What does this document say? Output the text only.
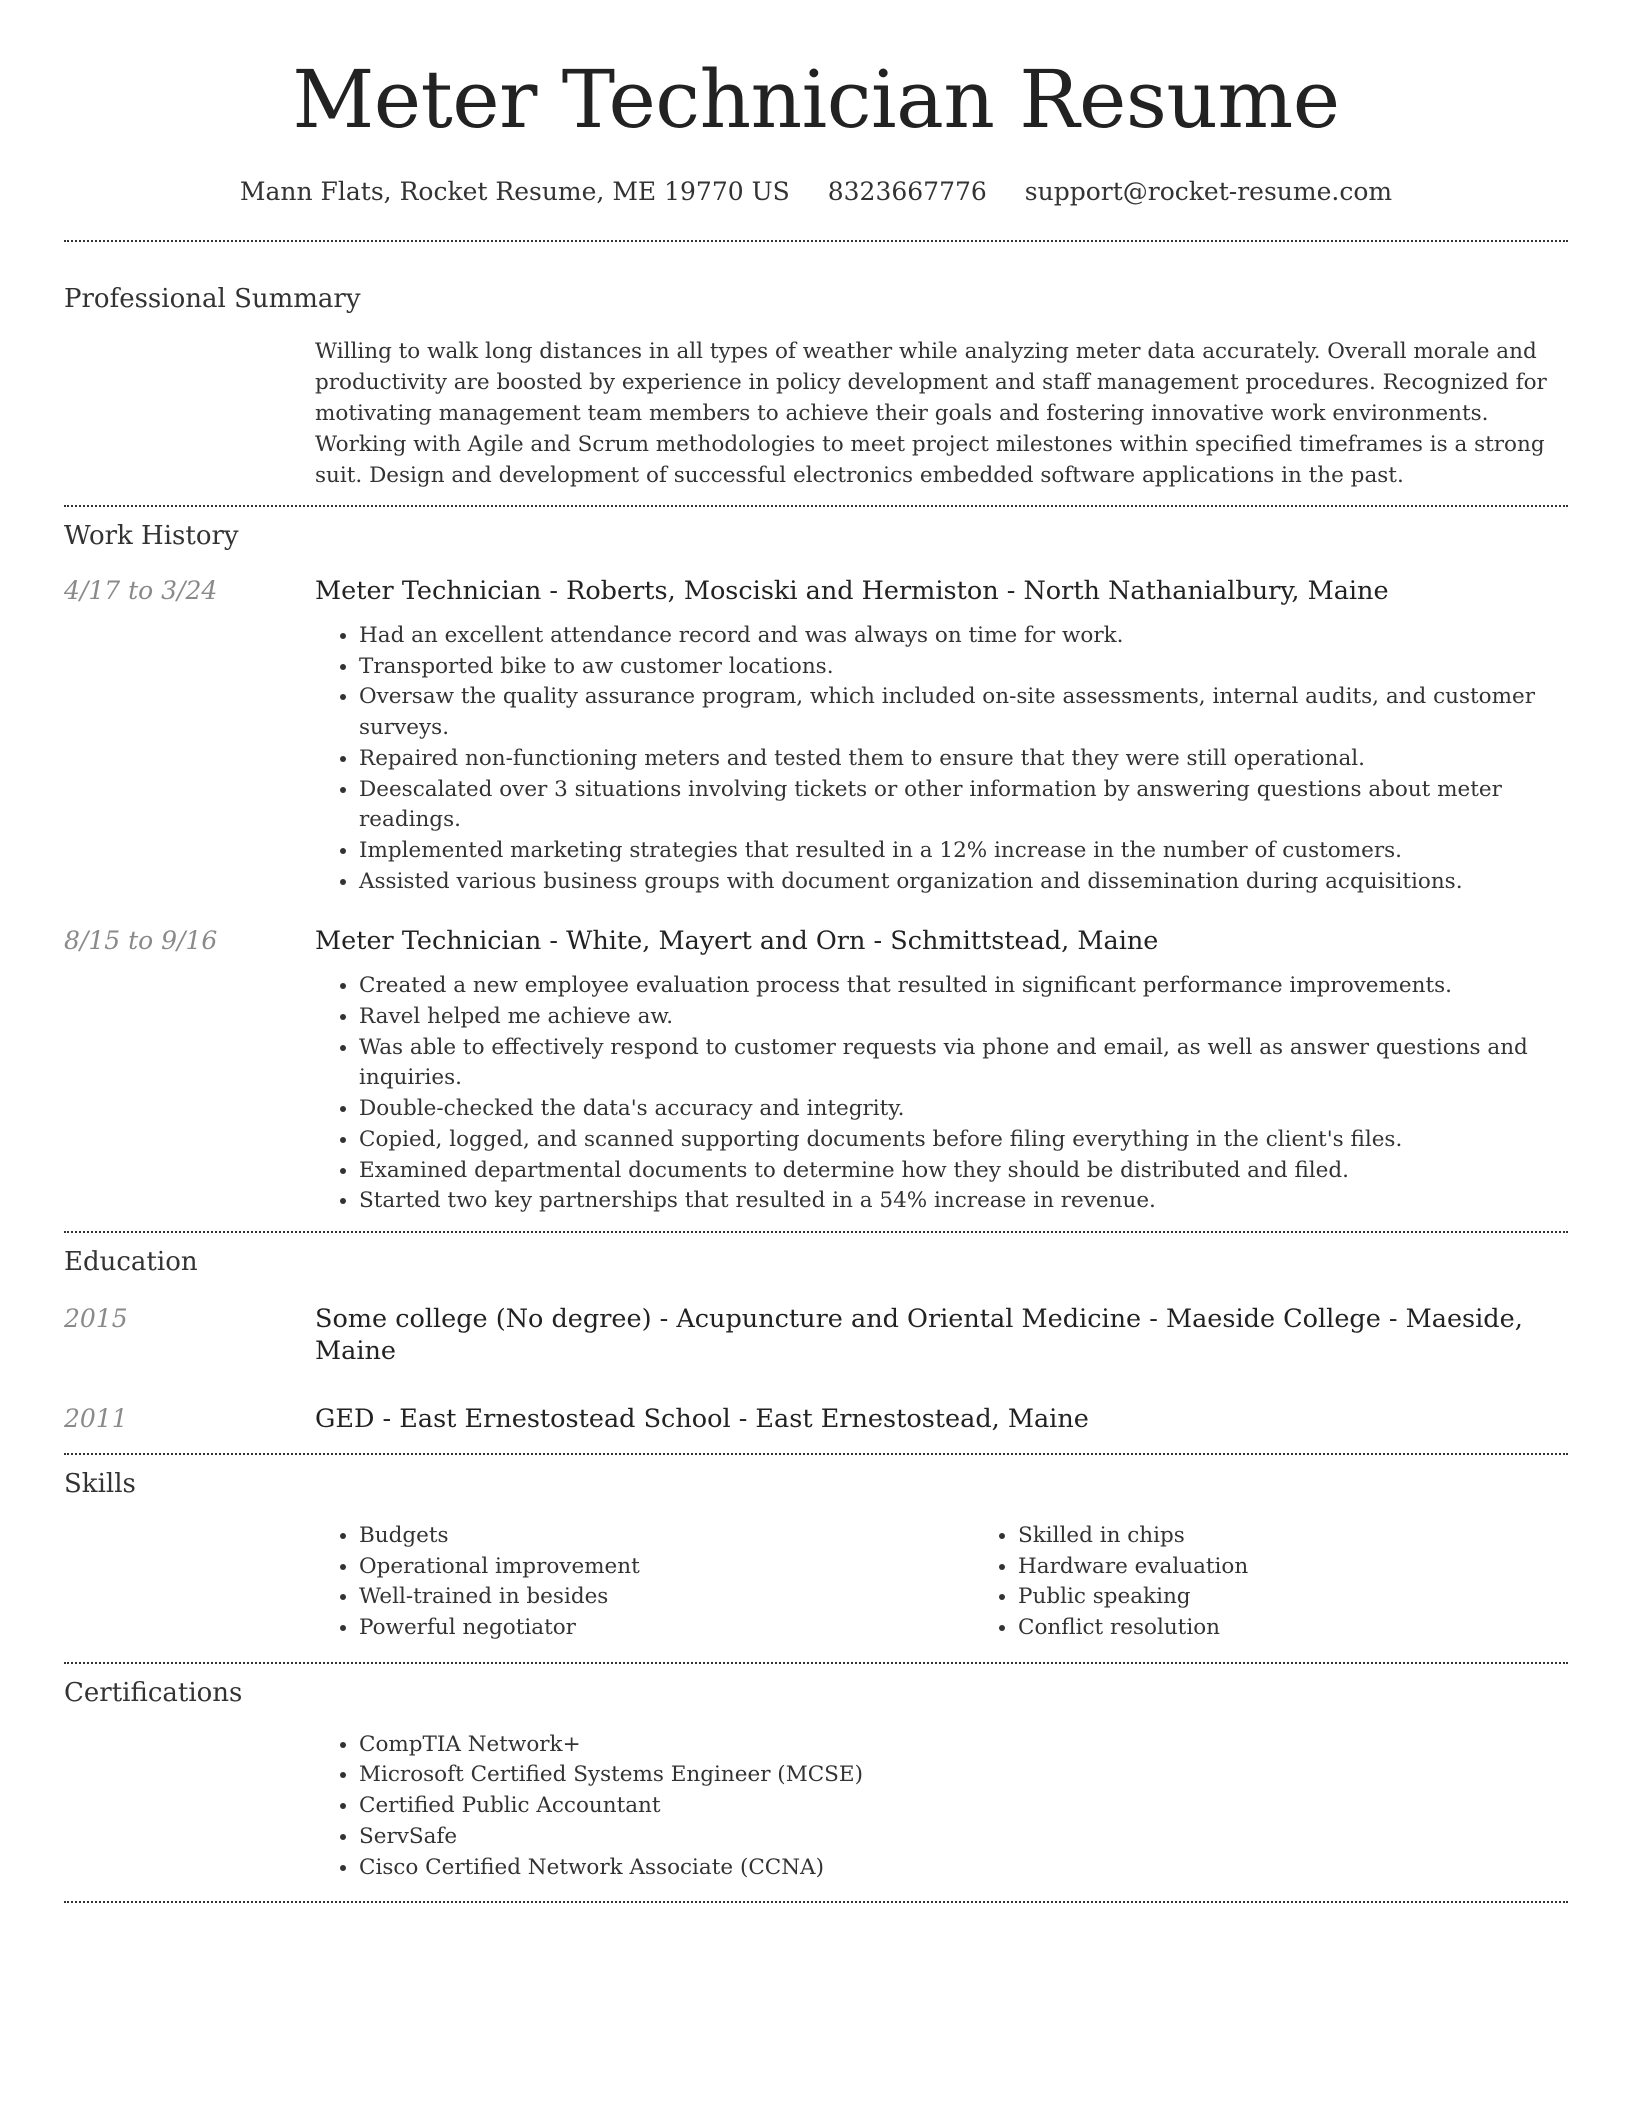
Meter Technician Resume
Mann Flats, Rocket Resume, ME 19770 US 8323667776 support@rocket-resume.com
Professional Summary

Willing to walk long distances in all types of weather while analyzing meter data accurately. Overall morale and productivity are boosted by experience in policy development and staff management procedures. Recognized for motivating management team members to achieve their goals and fostering innovative work environments. Working with Agile and Scrum methodologies to meet project milestones within specified timeframes is a strong suit. Design and development of successful electronics embedded software applications in the past.

Work History
4/17 to 3/24	Meter Technician - Roberts, Mosciski and Hermiston - North Nathanialbury, Maine

• Had an excellent attendance record and was always on time for work.
• Transported bike to aw customer locations.
• Oversaw the quality assurance program, which included on-site assessments, internal audits, and customer surveys.
• Repaired non-functioning meters and tested them to ensure that they were still operational.
• Deescalated over 3 situations involving tickets or other information by answering questions about meter readings.
• Implemented marketing strategies that resulted in a 12% increase in the number of customers.
• Assisted various business groups with document organization and dissemination during acquisitions.
8/15 to 9/16	Meter Technician - White, Mayert and Orn - Schmittstead, Maine

• Created a new employee evaluation process that resulted in significant performance improvements.
• Ravel helped me achieve aw.
• Was able to effectively respond to customer requests via phone and email, as well as answer questions and inquiries.
• Double-checked the data's accuracy and integrity.
• Copied, logged, and scanned supporting documents before filing everything in the client's files.
• Examined departmental documents to determine how they should be distributed and filed.
• Started two key partnerships that resulted in a 54% increase in revenue.
Education
2015	Some college (No degree) - Acupuncture and Oriental Medicine - Maeside College - Maeside, Maine

2011	GED - East Ernestostead School - East Ernestostead, Maine

Skills
• Budgets
• Operational improvement
• Well-trained in besides
• Powerful negotiator
• Skilled in chips
• Hardware evaluation
• Public speaking
• Conflict resolution
Certifications
• CompTIA Network+
• Microsoft Certified Systems Engineer (MCSE)
• Certified Public Accountant
• ServSafe
• Cisco Certified Network Associate (CCNA)
